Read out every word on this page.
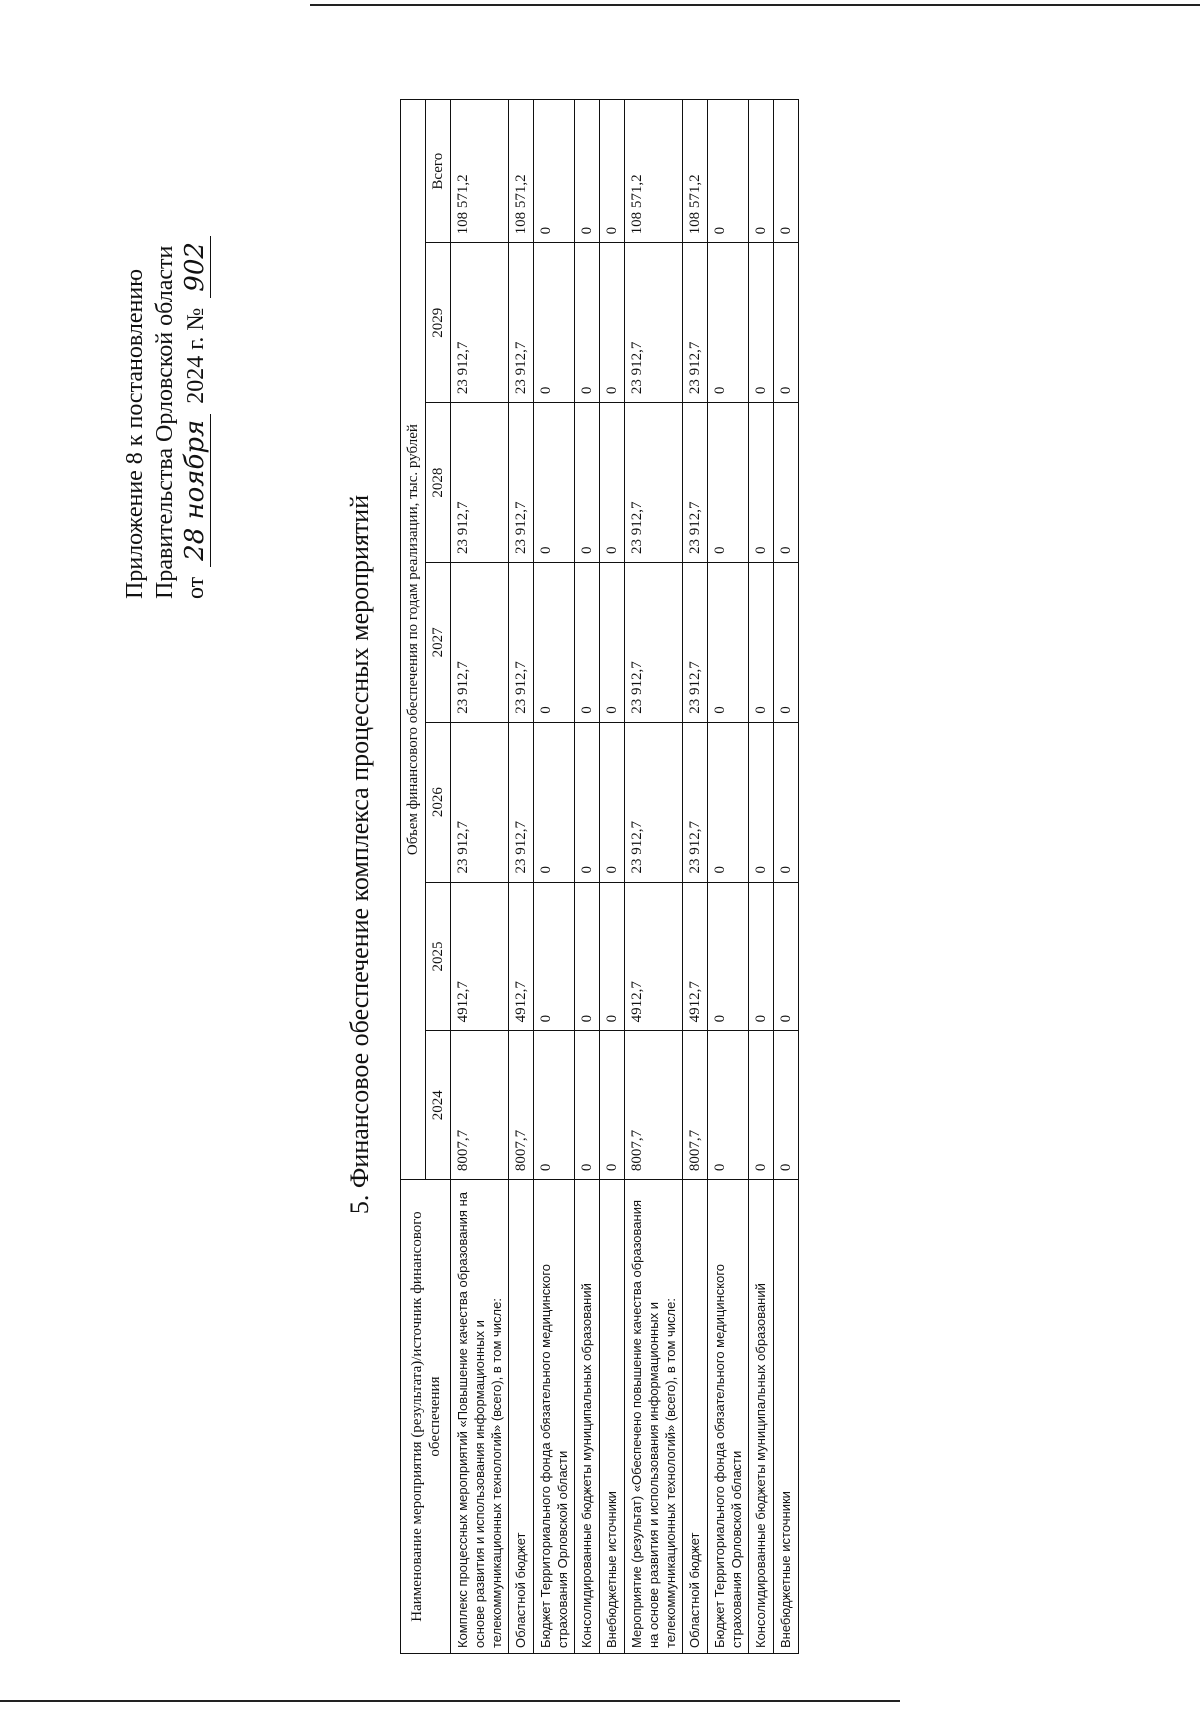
Приложение 8 к постановлению Правительства Орловской области от 28 ноября 2024 г. № 902
5. Финансовое обеспечение комплекса процессных мероприятий
Наименование мероприятия (результата)/источник финансового обеспечения	Объем финансового обеспечения по годам реализации, тыс. рублей						
	2024	2025	2026	2027	2028	2029	Всего
Комплекс процессных мероприятий «Повышение качества образования на основе развития и использования информационных и телекоммуникационных технологий» (всего), в том числе:	8007,7	4912,7	23 912,7	23 912,7	23 912,7	23 912,7	108 571,2
Областной бюджет	8007,7	4912,7	23 912,7	23 912,7	23 912,7	23 912,7	108 571,2
Бюджет Территориального фонда обязательного медицинского страхования Орловской области	0	0	0	0	0	0	0
Консолидированные бюджеты муниципальных образований	0	0	0	0	0	0	0
Внебюджетные источники	0	0	0	0	0	0	0
Мероприятие (результат) «Обеспечено повышение качества образования на основе развития и использования информационных и телекоммуникационных технологий» (всего), в том числе:	8007,7	4912,7	23 912,7	23 912,7	23 912,7	23 912,7	108 571,2
Областной бюджет	8007,7	4912,7	23 912,7	23 912,7	23 912,7	23 912,7	108 571,2
Бюджет Территориального фонда обязательного медицинского страхования Орловской области	0	0	0	0	0	0	0
Консолидированные бюджеты муниципальных образований	0	0	0	0	0	0	0
Внебюджетные источники	0	0	0	0	0	0	0
